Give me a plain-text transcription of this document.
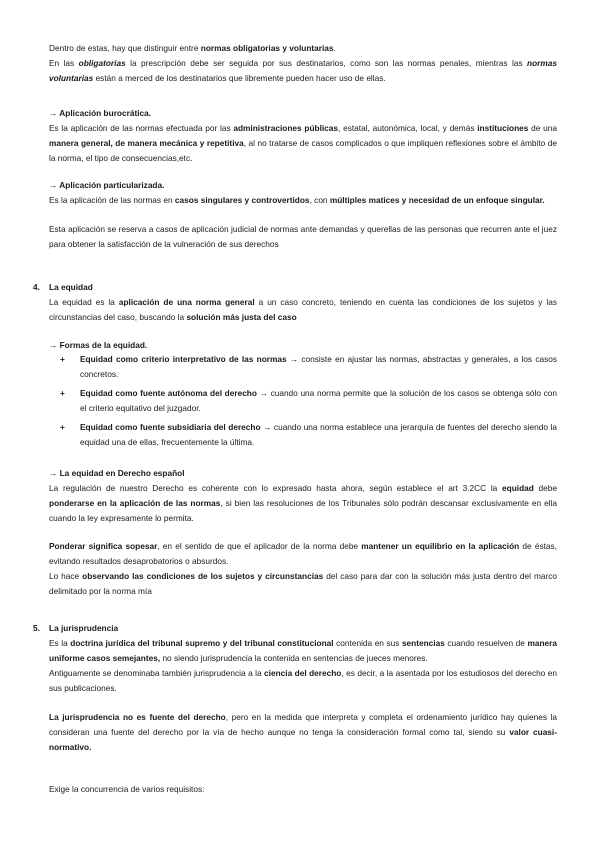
Dentro de estas, hay que distinguir entre normas obligatorias y voluntarias.
En las obligatorias la prescripción debe ser seguida por sus destinatarios, como son las normas penales, mientras las normas voluntarias están a merced de los destinatarios que libremente pueden hacer uso de ellas.

→ Aplicación burocrática.

Es la aplicación de las normas efectuada por las administraciones públicas, estatal, autonómica, local, y demás instituciones de una manera general, de manera mecánica y repetitiva, al no tratarse de casos complicados o que impliquen reflexiones sobre el ámbito de la norma, el tipo de consecuencias,etc.

→ Aplicación particularizada.

Es la aplicación de las normas en casos singulares y controvertidos, con múltiples matices y necesidad de un enfoque singular.

Esta aplicación se reserva a casos de aplicación judicial de normas ante demandas y querellas de las personas que recurren ante el juez para obtener la satisfacción de la vulneración de sus derechos

4. La equidad

La equidad es la aplicación de una norma general a un caso concreto, teniendo en cuenta las condiciones de los sujetos y las circunstancias del caso, buscando la solución más justa del caso

→ Formas de la equidad.
+ Equidad como criterio interpretativo de las normas → consiste en ajustar las normas, abstractas y generales, a los casos concretos.

+ Equidad como fuente autónoma del derecho → cuando una norma permite que la solución de los casos se obtenga sólo con el criterio equitativo del juzgador.

+ Equidad como fuente subsidiaria del derecho → cuando una norma establece una jerarquía de fuentes del derecho siendo la equidad una de ellas, frecuentemente la última.

→ La equidad en Derecho español

La regulación de nuestro Derecho es coherente con lo expresado hasta ahora, según establece el art 3.2CC la equidad debe ponderarse en la aplicación de las normas, si bien las resoluciones de los Tribunales sólo podrán descansar exclusivamente en ella cuando la ley expresamente lo permita.

Ponderar significa sopesar, en el sentido de que el aplicador de la norma debe mantener un equilibrio en la aplicación de éstas, evitando resultados desaprobatorios o absurdos.

Lo hace observando las condiciones de los sujetos y circunstancias del caso para dar con la solución más justa dentro del marco delimitado por la norma mía

5. La jurisprudencia

Es la doctrina jurídica del tribunal supremo y del tribunal constitucional contenida en sus sentencias cuando resuelven de manera uniforme casos semejantes, no siendo jurisprudencia la contenida en sentencias de jueces menores.

Antiguamente se denominaba también jurisprudencia a la ciencia del derecho, es decir, a la asentada por los estudiosos del derecho en sus publicaciones.

La jurisprudencia no es fuente del derecho, pero en la medida que interpreta y completa el ordenamiento jurídico hay quienes la consideran una fuente del derecho por la vía de hecho aunque no tenga la consideración formal como tal, siendo su valor cuasi-normativo.

Exige la concurrencia de varios requisitos:
